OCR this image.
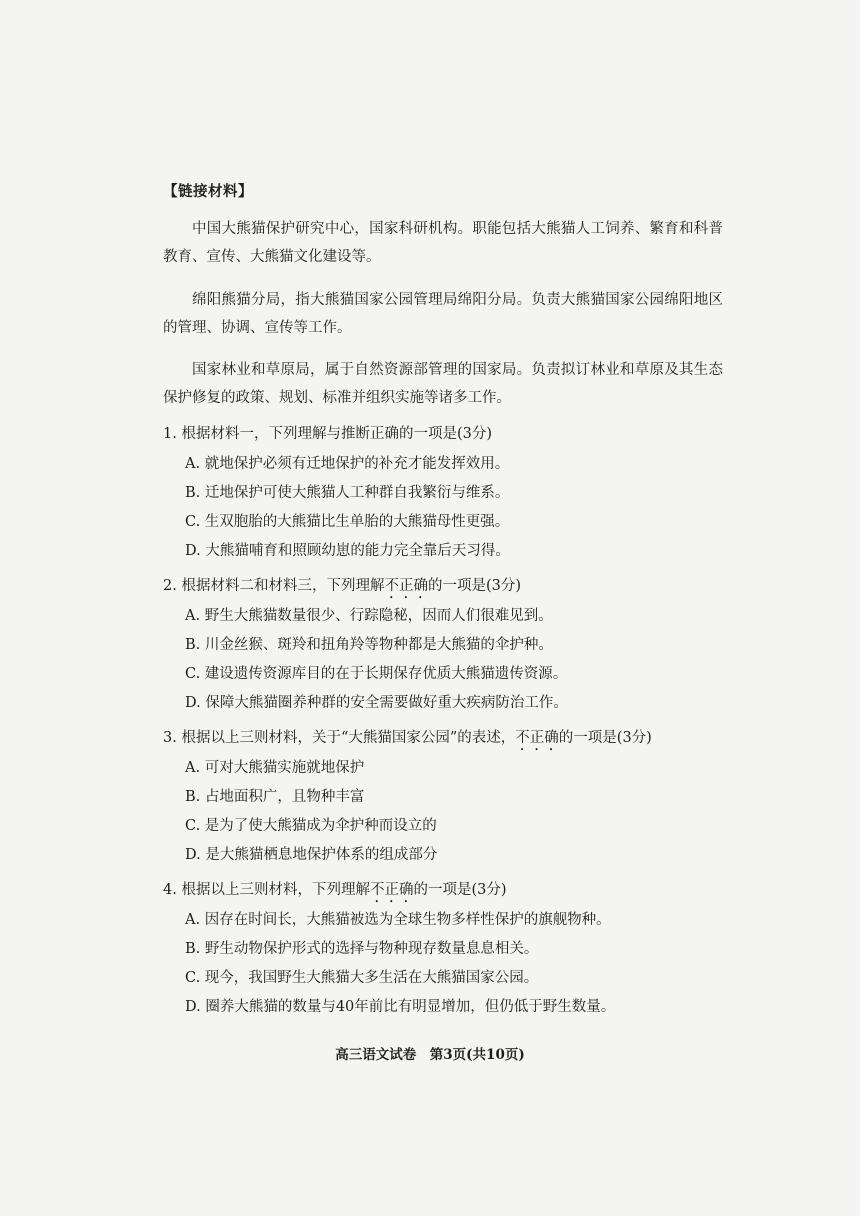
【链接材料】

中国大熊猫保护研究中心，国家科研机构。职能包括大熊猫人工饲养、繁育和科普教育、宣传、大熊猫文化建设等。

绵阳熊猫分局，指大熊猫国家公园管理局绵阳分局。负责大熊猫国家公园绵阳地区的管理、协调、宣传等工作。

国家林业和草原局，属于自然资源部管理的国家局。负责拟订林业和草原及其生态保护修复的政策、规划、标准并组织实施等诸多工作。

1. 根据材料一，下列理解与推断正确的一项是(3分)
A. 就地保护必须有迁地保护的补充才能发挥效用。
B. 迁地保护可使大熊猫人工种群自我繁衍与维系。
C. 生双胞胎的大熊猫比生单胎的大熊猫母性更强。
D. 大熊猫哺育和照顾幼崽的能力完全靠后天习得。
2. 根据材料二和材料三，下列理解不正确的一项是(3分)
A. 野生大熊猫数量很少、行踪隐秘，因而人们很难见到。
B. 川金丝猴、斑羚和扭角羚等物种都是大熊猫的伞护种。
C. 建设遗传资源库目的在于长期保存优质大熊猫遗传资源。
D. 保障大熊猫圈养种群的安全需要做好重大疾病防治工作。
3. 根据以上三则材料，关于“大熊猫国家公园”的表述，不正确的一项是(3分)
A. 可对大熊猫实施就地保护
B. 占地面积广，且物种丰富
C. 是为了使大熊猫成为伞护种而设立的
D. 是大熊猫栖息地保护体系的组成部分
4. 根据以上三则材料，下列理解不正确的一项是(3分)
A. 因存在时间长，大熊猫被选为全球生物多样性保护的旗舰物种。
B. 野生动物保护形式的选择与物种现存数量息息相关。
C. 现今，我国野生大熊猫大多生活在大熊猫国家公园。
D. 圈养大熊猫的数量与40年前比有明显增加，但仍低于野生数量。
高三语文试卷　第3页(共10页)
